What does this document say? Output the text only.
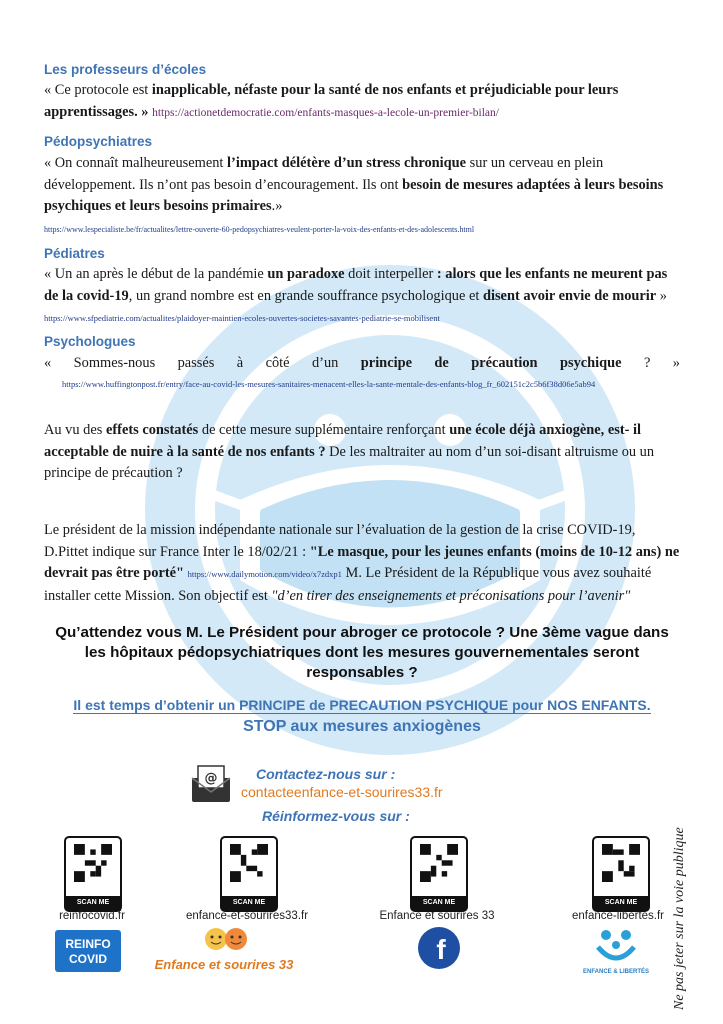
Les professeurs d’écoles
« Ce protocole est inapplicable, néfaste pour la santé de nos enfants et préjudiciable pour leurs apprentissages. » https://actionetdemocratie.com/enfants-masques-a-lecole-un-premier-bilan/
Pédopsychiatres
« On connaît malheureusement l’impact délétère d’un stress chronique sur un cerveau en plein développement. Ils n’ont pas besoin d’encouragement. Ils ont besoin de mesures adaptées à leurs besoins psychiques et leurs besoins primaires.»
https://www.lespecialiste.be/fr/actualites/lettre-ouverte-60-pedopsychiatres-veulent-porter-la-voix-des-enfants-et-des-adolescents.html
Pédiatres
« Un an après le début de la pandémie un paradoxe doit interpeller : alors que les enfants ne meurent pas de la covid-19, un grand nombre est en grande souffrance psychologique et disent avoir envie de mourir » https://www.sfpediatrie.com/actualites/plaidoyer-maintien-ecoles-ouvertes-societes-savantes-pediatrie-se-mobilisent
Psychologues
« Sommes-nous passés à côté d’un principe de précaution psychique ? »
https://www.huffingtonpost.fr/entry/face-au-covid-les-mesures-sanitaires-menacent-elles-la-sante-mentale-des-enfants-blog_fr_602151c2c5b6f38d06e5ab94
Au vu des effets constatés de cette mesure supplémentaire renforçant une école déjà anxiogène, est- il acceptable de nuire à la santé de nos enfants ? De les maltraiter au nom d’un soi-disant altruisme ou un principe de précaution ?
Le président de la mission indépendante nationale sur l’évaluation de la gestion de la crise COVID-19, D.Pittet indique sur France Inter le 18/02/21 : "Le masque, pour les jeunes enfants (moins de 10-12 ans) ne devrait pas être porté" https://www.dailymotion.com/video/x7zdxp1 M. Le Président de la République vous avez souhaité installer cette Mission. Son objectif est "d’en tirer des enseignements et préconisations pour l’avenir"
Qu’attendez vous M. Le Président pour abroger ce protocole ? Une 3ème vague dans les hôpitaux pédopsychiatriques dont les mesures gouvernementales seront responsables ?
Il est temps d’obtenir un PRINCIPE de PRECAUTION PSYCHIQUE pour NOS ENFANTS.
STOP aux mesures anxiogènes
@	Contactez-nous sur :
contacteenfance-et-sourires33.fr
Réinformez-vous sur :
SCAN ME	SCAN ME	SCAN ME	SCAN ME
reinfocovid.fr	enfance-et-sourires33.fr	Enfance et sourires 33	enfance-libertes.fr
REINFO
COVID	Enfance et sourires 33	f
ENFANCE & LIBERTÉS Ne pas jeter sur la voie publique
